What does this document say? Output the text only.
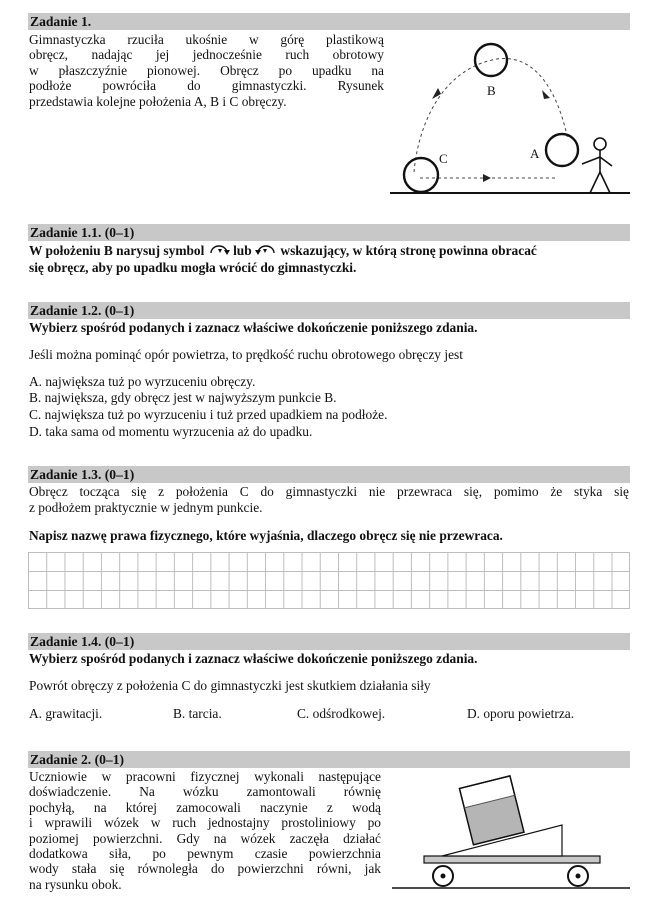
Zadanie 1.
Gimnastyczka rzuciła ukośnie w górę plastikową
obręcz, nadając jej jednocześnie ruch obrotowy
w płaszczyźnie pionowej. Obręcz po upadku na
podłoże powróciła do gimnastyczki. Rysunek
przedstawia kolejne położenia A, B i C obręczy.
B
C	A
Zadanie 1.1. (0–1)
W położeniu B narysuj symbol lub wskazujący, w którą stronę powinna obracać
się obręcz, aby po upadku mogła wrócić do gimnastyczki.
Zadanie 1.2. (0–1)
Wybierz spośród podanych i zaznacz właściwe dokończenie poniższego zdania.
Jeśli można pominąć opór powietrza, to prędkość ruchu obrotowego obręczy jest
A. największa tuż po wyrzuceniu obręczy.
B. największa, gdy obręcz jest w najwyższym punkcie B.
C. największa tuż po wyrzuceniu i tuż przed upadkiem na podłoże.
D. taka sama od momentu wyrzucenia aż do upadku.
Zadanie 1.3. (0–1)
Obręcz tocząca się z położenia C do gimnastyczki nie przewraca się, pomimo że styka się
z podłożem praktycznie w jednym punkcie.
Napisz nazwę prawa fizycznego, które wyjaśnia, dlaczego obręcz się nie przewraca.
Zadanie 1.4. (0–1)
Wybierz spośród podanych i zaznacz właściwe dokończenie poniższego zdania.
Powrót obręczy z położenia C do gimnastyczki jest skutkiem działania siły
A. grawitacji.	B. tarcia.	C. odśrodkowej.	D. oporu powietrza.
Zadanie 2. (0–1)
Uczniowie w pracowni fizycznej wykonali następujące
doświadczenie. Na wózku zamontowali równię
pochyłą, na której zamocowali naczynie z wodą
i wprawili wózek w ruch jednostajny prostoliniowy po
poziomej powierzchni. Gdy na wózek zaczęła działać
dodatkowa siła, po pewnym czasie powierzchnia
wody stała się równoległa do powierzchni równi, jak
na rysunku obok.
